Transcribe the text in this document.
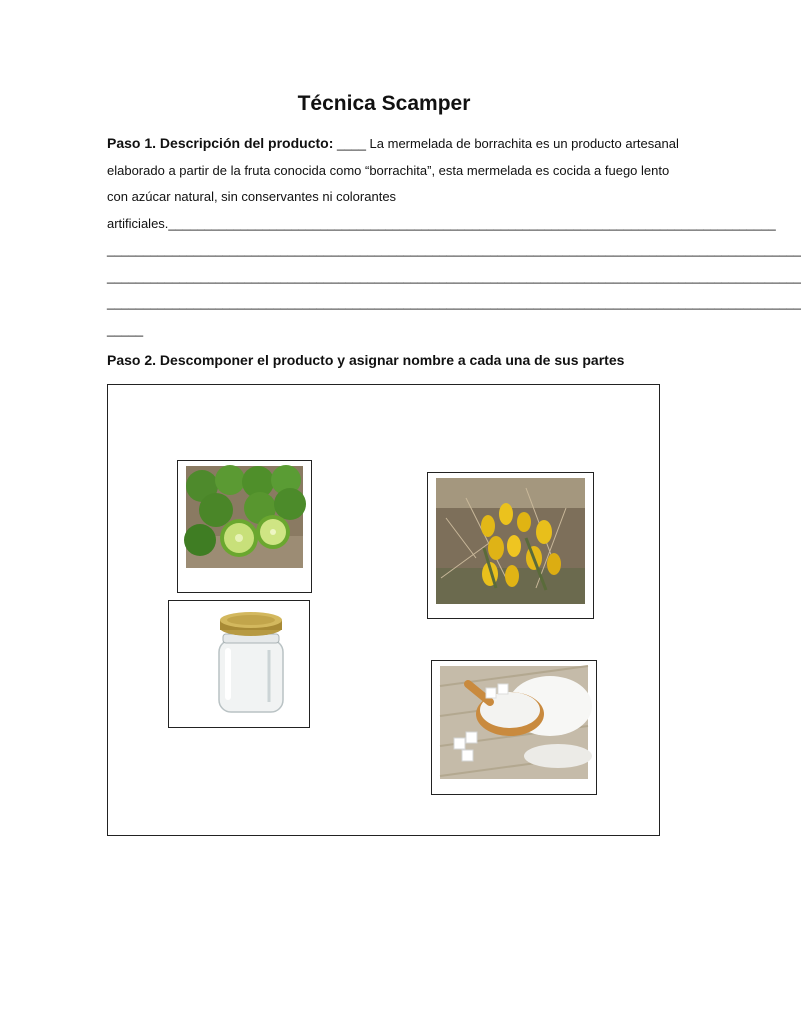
Técnica Scamper
Paso 1. Descripción del producto: ____ La mermelada de borrachita es un producto artesanal
elaborado a partir de la fruta conocida como “borrachita”, esta mermelada es cocida a fuego lento
con azúcar natural, sin conservantes ni colorantes
artificiales.____________________________________________________________________________________
________________________________________________________________________________________________
________________________________________________________________________________________________
________________________________________________________________________________________________
_____
Paso 2. Descomponer el producto y asignar nombre a cada una de sus partes
